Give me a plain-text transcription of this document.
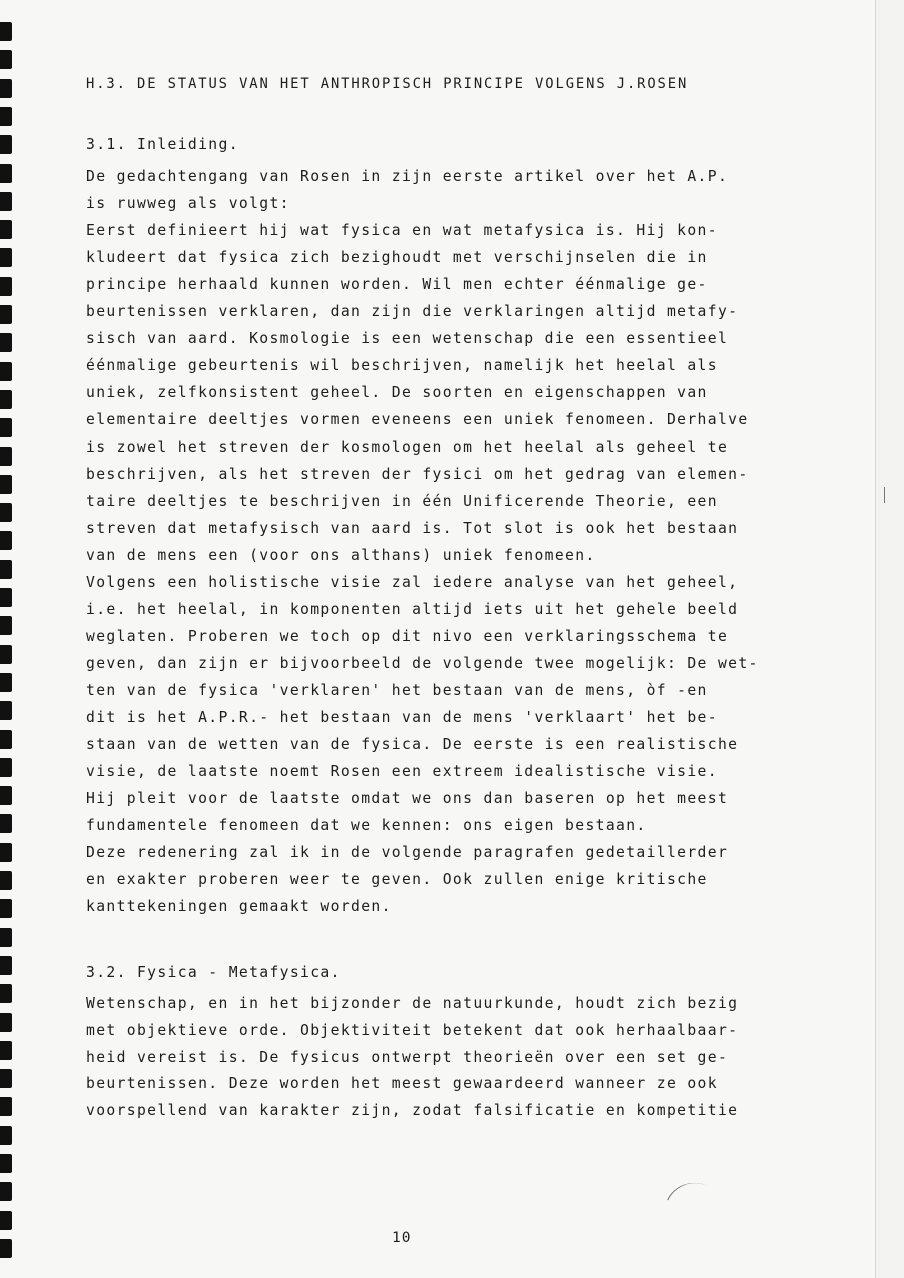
H.3. DE STATUS VAN HET ANTHROPISCH PRINCIPE VOLGENS J.ROSEN
3.1. Inleiding.
De gedachtengang van Rosen in zijn eerste artikel over het A.P.
is ruwweg als volgt:
Eerst definieert hij wat fysica en wat metafysica is. Hij kon-
kludeert dat fysica zich bezighoudt met verschijnselen die in
principe herhaald kunnen worden. Wil men echter éénmalige ge-
beurtenissen verklaren, dan zijn die verklaringen altijd metafy-
sisch van aard. Kosmologie is een wetenschap die een essentieel
éénmalige gebeurtenis wil beschrijven, namelijk het heelal als
uniek, zelfkonsistent geheel. De soorten en eigenschappen van
elementaire deeltjes vormen eveneens een uniek fenomeen. Derhalve
is zowel het streven der kosmologen om het heelal als geheel te
beschrijven, als het streven der fysici om het gedrag van elemen-
taire deeltjes te beschrijven in één Unificerende Theorie, een
streven dat metafysisch van aard is. Tot slot is ook het bestaan
van de mens een (voor ons althans) uniek fenomeen.
Volgens een holistische visie zal iedere analyse van het geheel,
i.e. het heelal, in komponenten altijd iets uit het gehele beeld
weglaten. Proberen we toch op dit nivo een verklaringsschema te
geven, dan zijn er bijvoorbeeld de volgende twee mogelijk: De wet-
ten van de fysica 'verklaren' het bestaan van de mens, òf -en
dit is het A.P.R.- het bestaan van de mens 'verklaart' het be-
staan van de wetten van de fysica. De eerste is een realistische
visie, de laatste noemt Rosen een extreem idealistische visie.
Hij pleit voor de laatste omdat we ons dan baseren op het meest
fundamentele fenomeen dat we kennen: ons eigen bestaan.
Deze redenering zal ik in de volgende paragrafen gedetaillerder
en exakter proberen weer te geven. Ook zullen enige kritische
kanttekeningen gemaakt worden.
3.2. Fysica - Metafysica.
Wetenschap, en in het bijzonder de natuurkunde, houdt zich bezig
met objektieve orde. Objektiviteit betekent dat ook herhaalbaar-
heid vereist is. De fysicus ontwerpt theorieën over een set ge-
beurtenissen. Deze worden het meest gewaardeerd wanneer ze ook
voorspellend van karakter zijn, zodat falsificatie en kompetitie
10
